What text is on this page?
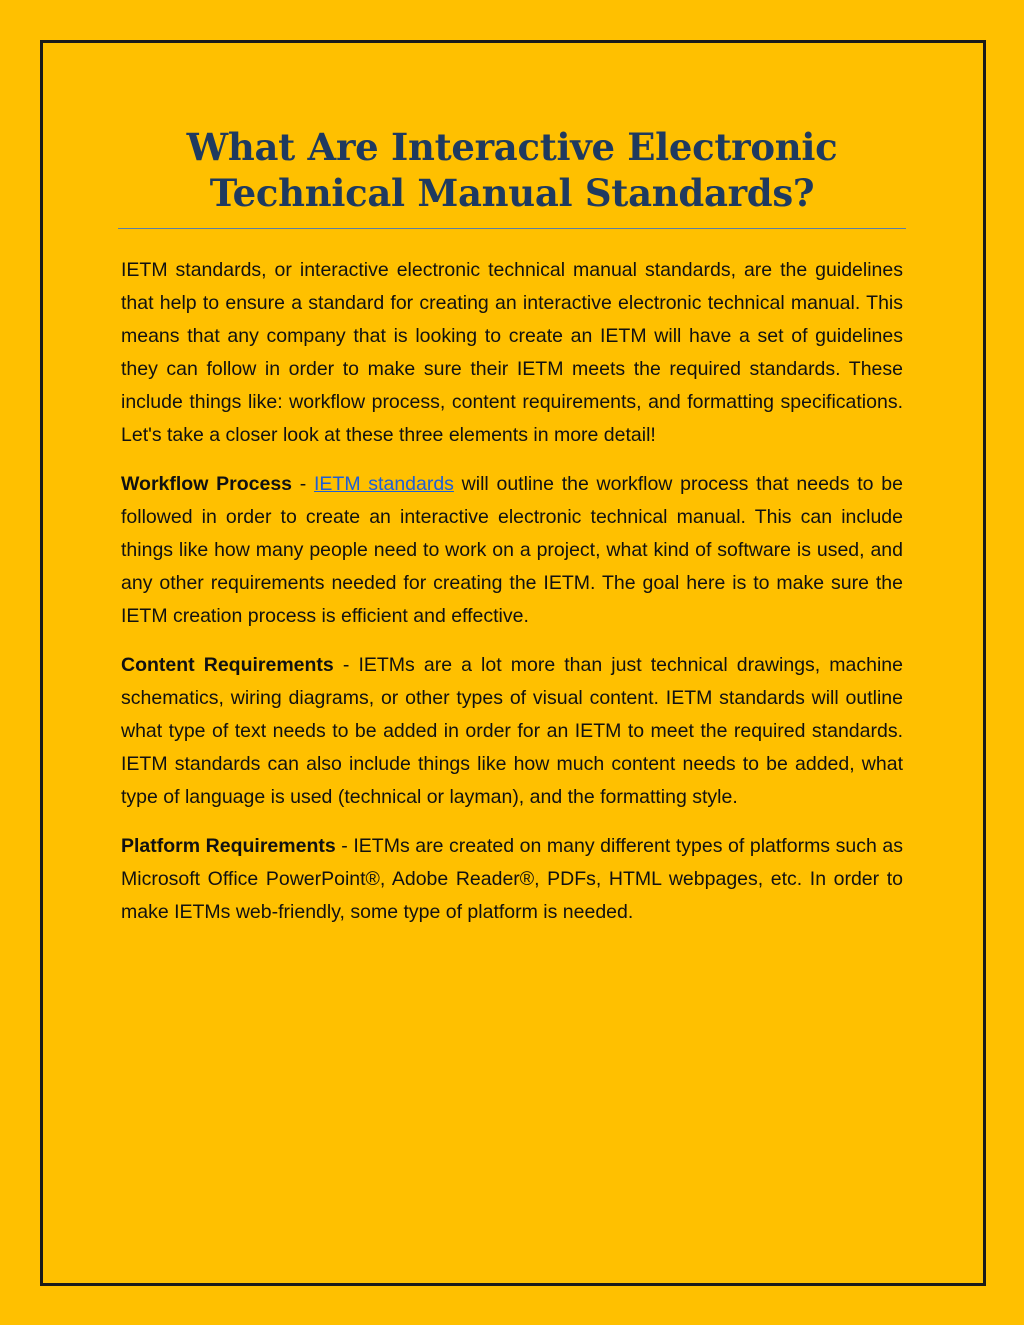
What Are Interactive Electronic Technical Manual Standards?

IETM standards, or interactive electronic technical manual standards, are the guidelines that help to ensure a standard for creating an interactive electronic technical manual. This means that any company that is looking to create an IETM will have a set of guidelines they can follow in order to make sure their IETM meets the required standards. These include things like: workflow process, content requirements, and formatting specifications. Let's take a closer look at these three elements in more detail!

Workflow Process - IETM standards will outline the workflow process that needs to be followed in order to create an interactive electronic technical manual. This can include things like how many people need to work on a project, what kind of software is used, and any other requirements needed for creating the IETM. The goal here is to make sure the IETM creation process is efficient and effective.

Content Requirements - IETMs are a lot more than just technical drawings, machine schematics, wiring diagrams, or other types of visual content. IETM standards will outline what type of text needs to be added in order for an IETM to meet the required standards. IETM standards can also include things like how much content needs to be added, what type of language is used (technical or layman), and the formatting style.

Platform Requirements - IETMs are created on many different types of platforms such as Microsoft Office PowerPoint®, Adobe Reader®, PDFs, HTML webpages, etc. In order to make IETMs web-friendly, some type of platform is needed.
